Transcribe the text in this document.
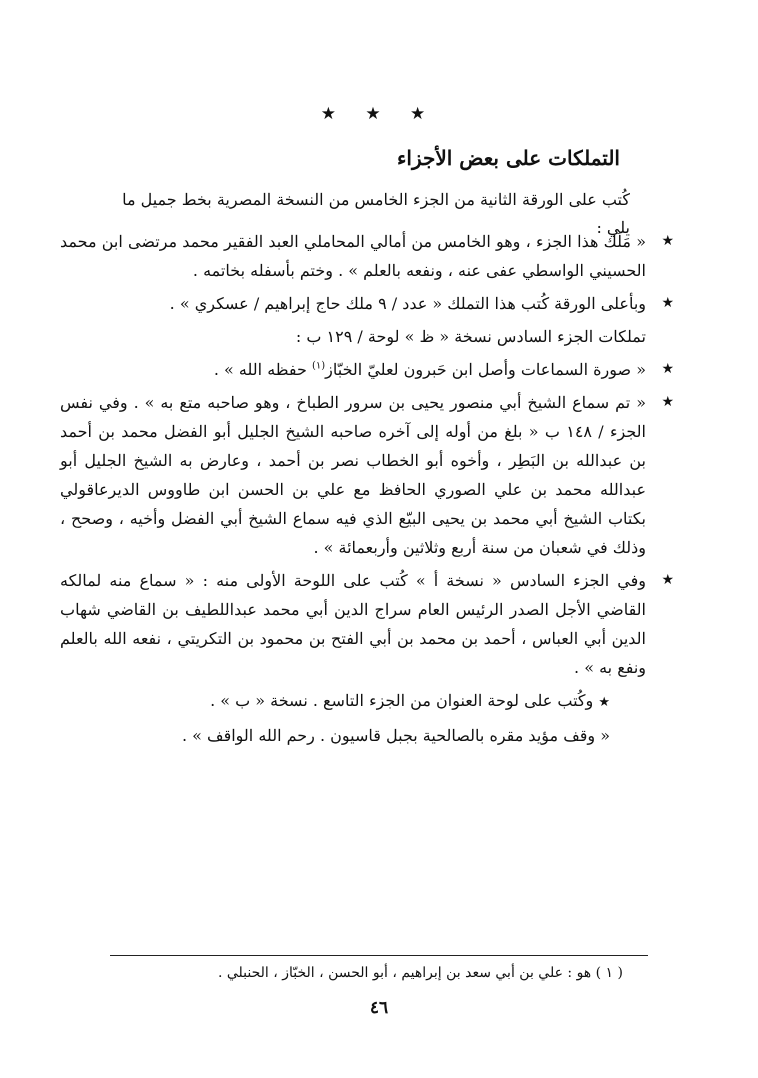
★ ★ ★
التملكات على بعض الأجزاء
كُتب على الورقة الثانية من الجزء الخامس من النسخة المصرية بخط جميل ما يلي :
★
« مَلَك هذا الجزء ، وهو الخامس من أمالي المحاملي العبد الفقير محمد مرتضى ابن محمد الحسيني الواسطي عفى عنه ، ونفعه بالعلم » . وختم بأسفله بخاتمه .
★
وبأعلى الورقة كُتب هذا التملك « عدد / ٩ ملك حاج إبراهيم / عسكري » .
تملكات الجزء السادس نسخة « ظ » لوحة / ١٢٩ ب :
★
« صورة السماعات وأصل ابن حَبرون لعليّ الخبّاز$^{(١)}$ حفظه الله » .
★
« تم سماع الشيخ أبي منصور يحيى بن سرور الطباخ ، وهو صاحبه متع به » . وفي نفس الجزء / ١٤٨ ب « بلغ من أوله إلى آخره صاحبه الشيخ الجليل أبو الفضل محمد بن أحمد بن عبدالله بن البَطِر ، وأخوه أبو الخطاب نصر بن أحمد ، وعارض به الشيخ الجليل أبو عبدالله محمد بن علي الصوري الحافظ مع علي بن الحسن ابن طاووس الديرعاقولي بكتاب الشيخ أبي محمد بن يحيى البيّع الذي فيه سماع الشيخ أبي الفضل وأخيه ، وصحح ، وذلك في شعبان من سنة أربع وثلاثين وأربعمائة » .
★
وفي الجزء السادس « نسخة أ » كُتب على اللوحة الأولى منه : « سماع منه لمالكه القاضي الأجل الصدر الرئيس العام سراج الدين أبي محمد عبداللطيف بن القاضي شهاب الدين أبي العباس ، أحمد بن محمد بن أبي الفتح بن محمود بن التكريتي ، نفعه الله بالعلم ونفع به » .
★ وكُتب على لوحة العنوان من الجزء التاسع . نسخة « ب » .
« وقف مؤيد مقره بالصالحية بجبل قاسيون . رحم الله الواقف » .
( ١ ) هو : علي بن أبي سعد بن إبراهيم ، أبو الحسن ، الخبّاز ، الحنبلي .
٤٦
